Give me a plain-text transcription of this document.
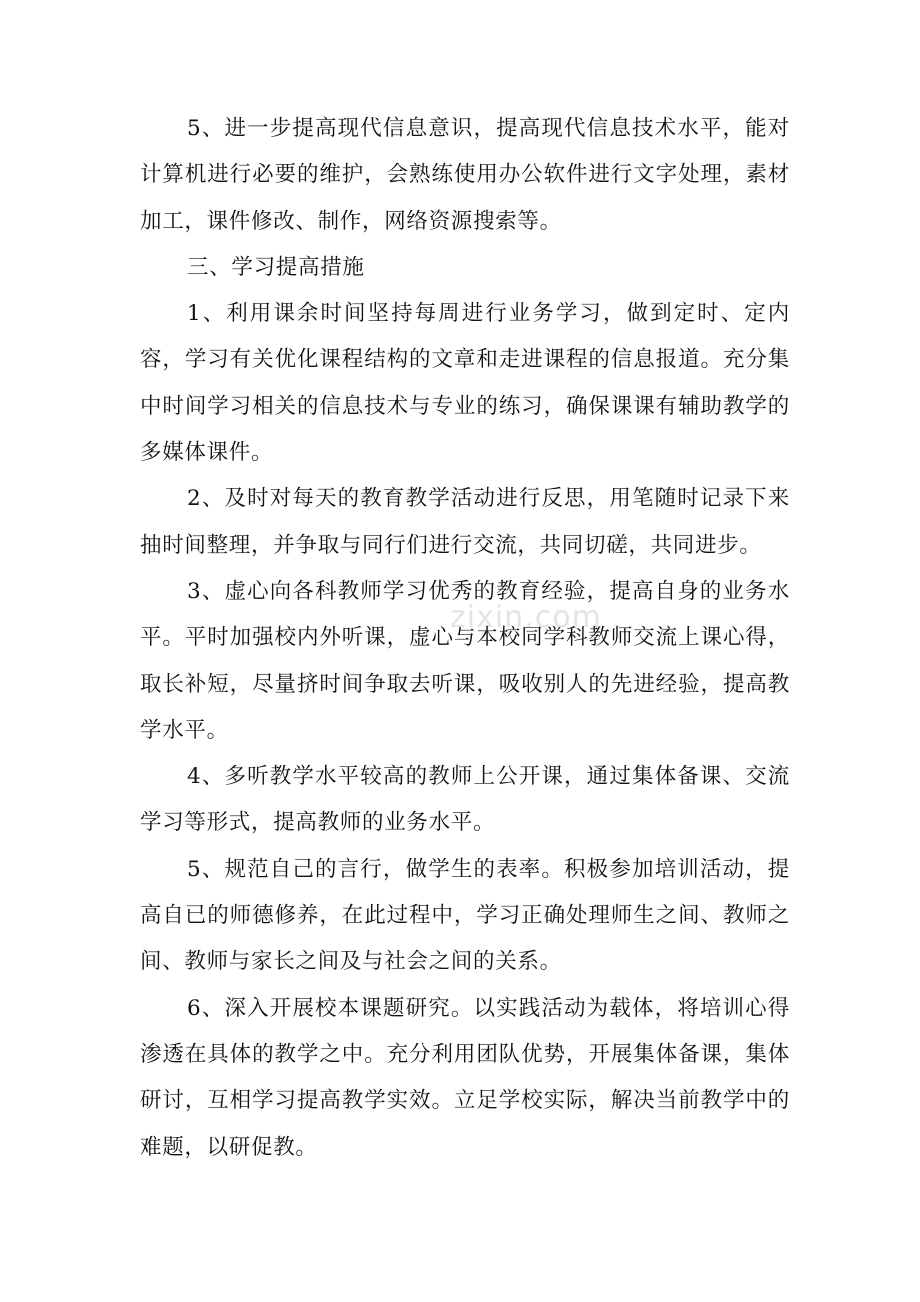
5、进一步提高现代信息意识，提高现代信息技术水平，能对计算机进行必要的维护，会熟练使用办公软件进行文字处理，素材加工，课件修改、制作，网络资源搜索等。

三、学习提高措施

1、利用课余时间坚持每周进行业务学习，做到定时、定内容，学习有关优化课程结构的文章和走进课程的信息报道。充分集中时间学习相关的信息技术与专业的练习，确保课课有辅助教学的多媒体课件。

2、及时对每天的教育教学活动进行反思，用笔随时记录下来抽时间整理，并争取与同行们进行交流，共同切磋，共同进步。

3、虚心向各科教师学习优秀的教育经验，提高自身的业务水平。平时加强校内外听课，虚心与本校同学科教师交流上课心得，取长补短，尽量挤时间争取去听课，吸收别人的先进经验，提高教学水平。

4、多听教学水平较高的教师上公开课，通过集体备课、交流学习等形式，提高教师的业务水平。

5、规范自己的言行，做学生的表率。积极参加培训活动，提高自已的师德修养，在此过程中，学习正确处理师生之间、教师之间、教师与家长之间及与社会之间的关系。

6、深入开展校本课题研究。以实践活动为载体，将培训心得渗透在具体的教学之中。充分利用团队优势，开展集体备课，集体研讨，互相学习提高教学实效。立足学校实际，解决当前教学中的难题，以研促教。

zixin.com
